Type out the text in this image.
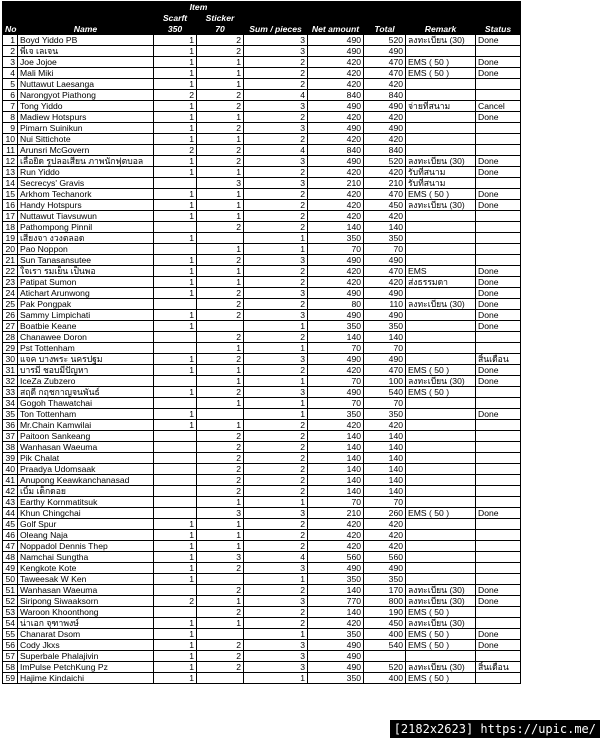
No	Name	Item		Sum / pieces	Net amount	Total	Remark	Status
		Scarft	Sticker					
		350	70					
1	Boyd Yiddo PB	1	2	3	490	520	ลงทะเบียน (30)	Done
2	พี่เจ เลเจน	1	2	3	490	490		
3	Joe Jojoe	1	1	2	420	470	EMS ( 50 )	Done
4	Mali Miki	1	1	2	420	470	EMS ( 50 )	Done
5	Nuttawut Laesanga	1	1	2	420	420		
6	Narongyot Piathong	2	2	4	840	840		
7	Tong Yiddo	1	2	3	490	490	จ่ายที่สนาม	Cancel
8	Madiew Hotspurs	1	1	2	420	420		Done
9	Pimarn Suinikun	1	2	3	490	490		
10	Nui Sittichote	1	1	2	420	420		
11	Arunsri McGovern	2	2	4	840	840		
12	เลื่อยิด รูปลอเสียน ภาพนักฟุตบอล	1	2	3	490	520	ลงทะเบียน (30)	Done
13	Run Yiddo	1	1	2	420	420	รับที่สนาม	Done
14	Secrecys' Gravis		3	3	210	210	รับที่สนาม	
15	Arkhom Techanork	1	1	2	420	470	EMS ( 50 )	Done
16	Handy Hotspurs	1	1	2	420	450	ลงทะเบียน (30)	Done
17	Nuttawut Tiavsuwun	1	1	2	420	420		
18	Pathompong Pinnil		2	2	140	140		
19	เสียงจา งวงตลอด	1		1	350	350		
20	Pao Noppon		1	1	70	70		
21	Sun Tanasansutee	1	2	3	490	490		
22	ใจเรา รมเย็น เป็นพอ	1	1	2	420	470	EMS	Done
23	Patipat Sumon	1	1	2	420	420	ส่งธรรมดา	Done
24	Atichart Arunwong	1	2	3	490	490		Done
25	Pak Pongpak		2	2	80	110	ลงทะเบียน (30)	Done
26	Sammy Limpichati	1	2	3	490	490		Done
27	Boatbie Keane	1		1	350	350		Done
28	Chanawee Doron		2	2	140	140		
29	Pst Tottenham		1	1	70	70		
30	แจค บางพระ นครปฐม	1	2	3	490	490		สิ้นเดือน
31	บารมี ชอบมีปัญหา	1	1	2	420	470	EMS ( 50 )	Done
32	IceZa Zubzero		1	1	70	100	ลงทะเบียน (30)	Done
33	สฤดี กฤชกาญจนพันธ์	1	2	3	490	540	EMS ( 50 )	
34	Gogoh Thawatchai		1	1	70	70		
35	Ton Tottenham	1		1	350	350		Done
36	Mr.Chain Kamwilai	1	1	2	420	420		
37	Paitoon Sankeang		2	2	140	140		
38	Wanhasan Waeuma		2	2	140	140		
39	Pik Chalat		2	2	140	140		
40	Praadya Udomsaak		2	2	140	140		
41	Anupong Keawkanchanasad		2	2	140	140		
42	เบิ้ม เด็กดอย		2	2	140	140		
43	Earthy Kornmatitsuk		1	1	70	70		
44	Khun Chingchai		3	3	210	260	EMS ( 50 )	Done
45	Golf Spur	1	1	2	420	420		
46	Oleang Naja	1	1	2	420	420		
47	Noppadol Dennis Thep	1	1	2	420	420		
48	Namchai Sungtha	1	3	4	560	560		
49	Kengkote Kote	1	2	3	490	490		
50	Taweesak W Ken	1		1	350	350		
51	Wanhasan Waeuma		2	2	140	170	ลงทะเบียน (30)	Done
52	Siripong Siwaaksorn	2	1	3	770	800	ลงทะเบียน (30)	Done
53	Waroon Khoonthong		2	2	140	190	EMS ( 50 )	
54	น่าเอก จุฑาพงษ์	1	1	2	420	450	ลงทะเบียน (30)	
55	Chanarat Dsom	1		1	350	400	EMS ( 50 )	Done
56	Cody Jkxs	1	2	3	490	540	EMS ( 50 )	Done
57	Superbale Phalajivin	1	2	3	490			
58	ImPulse PetchKung Pz	1	2	3	490	520	ลงทะเบียน (30)	สิ้นเดือน
59	Hajime Kindaichi	1		1	350	400	EMS ( 50 )	
[2182x2623] https://upic.me/
